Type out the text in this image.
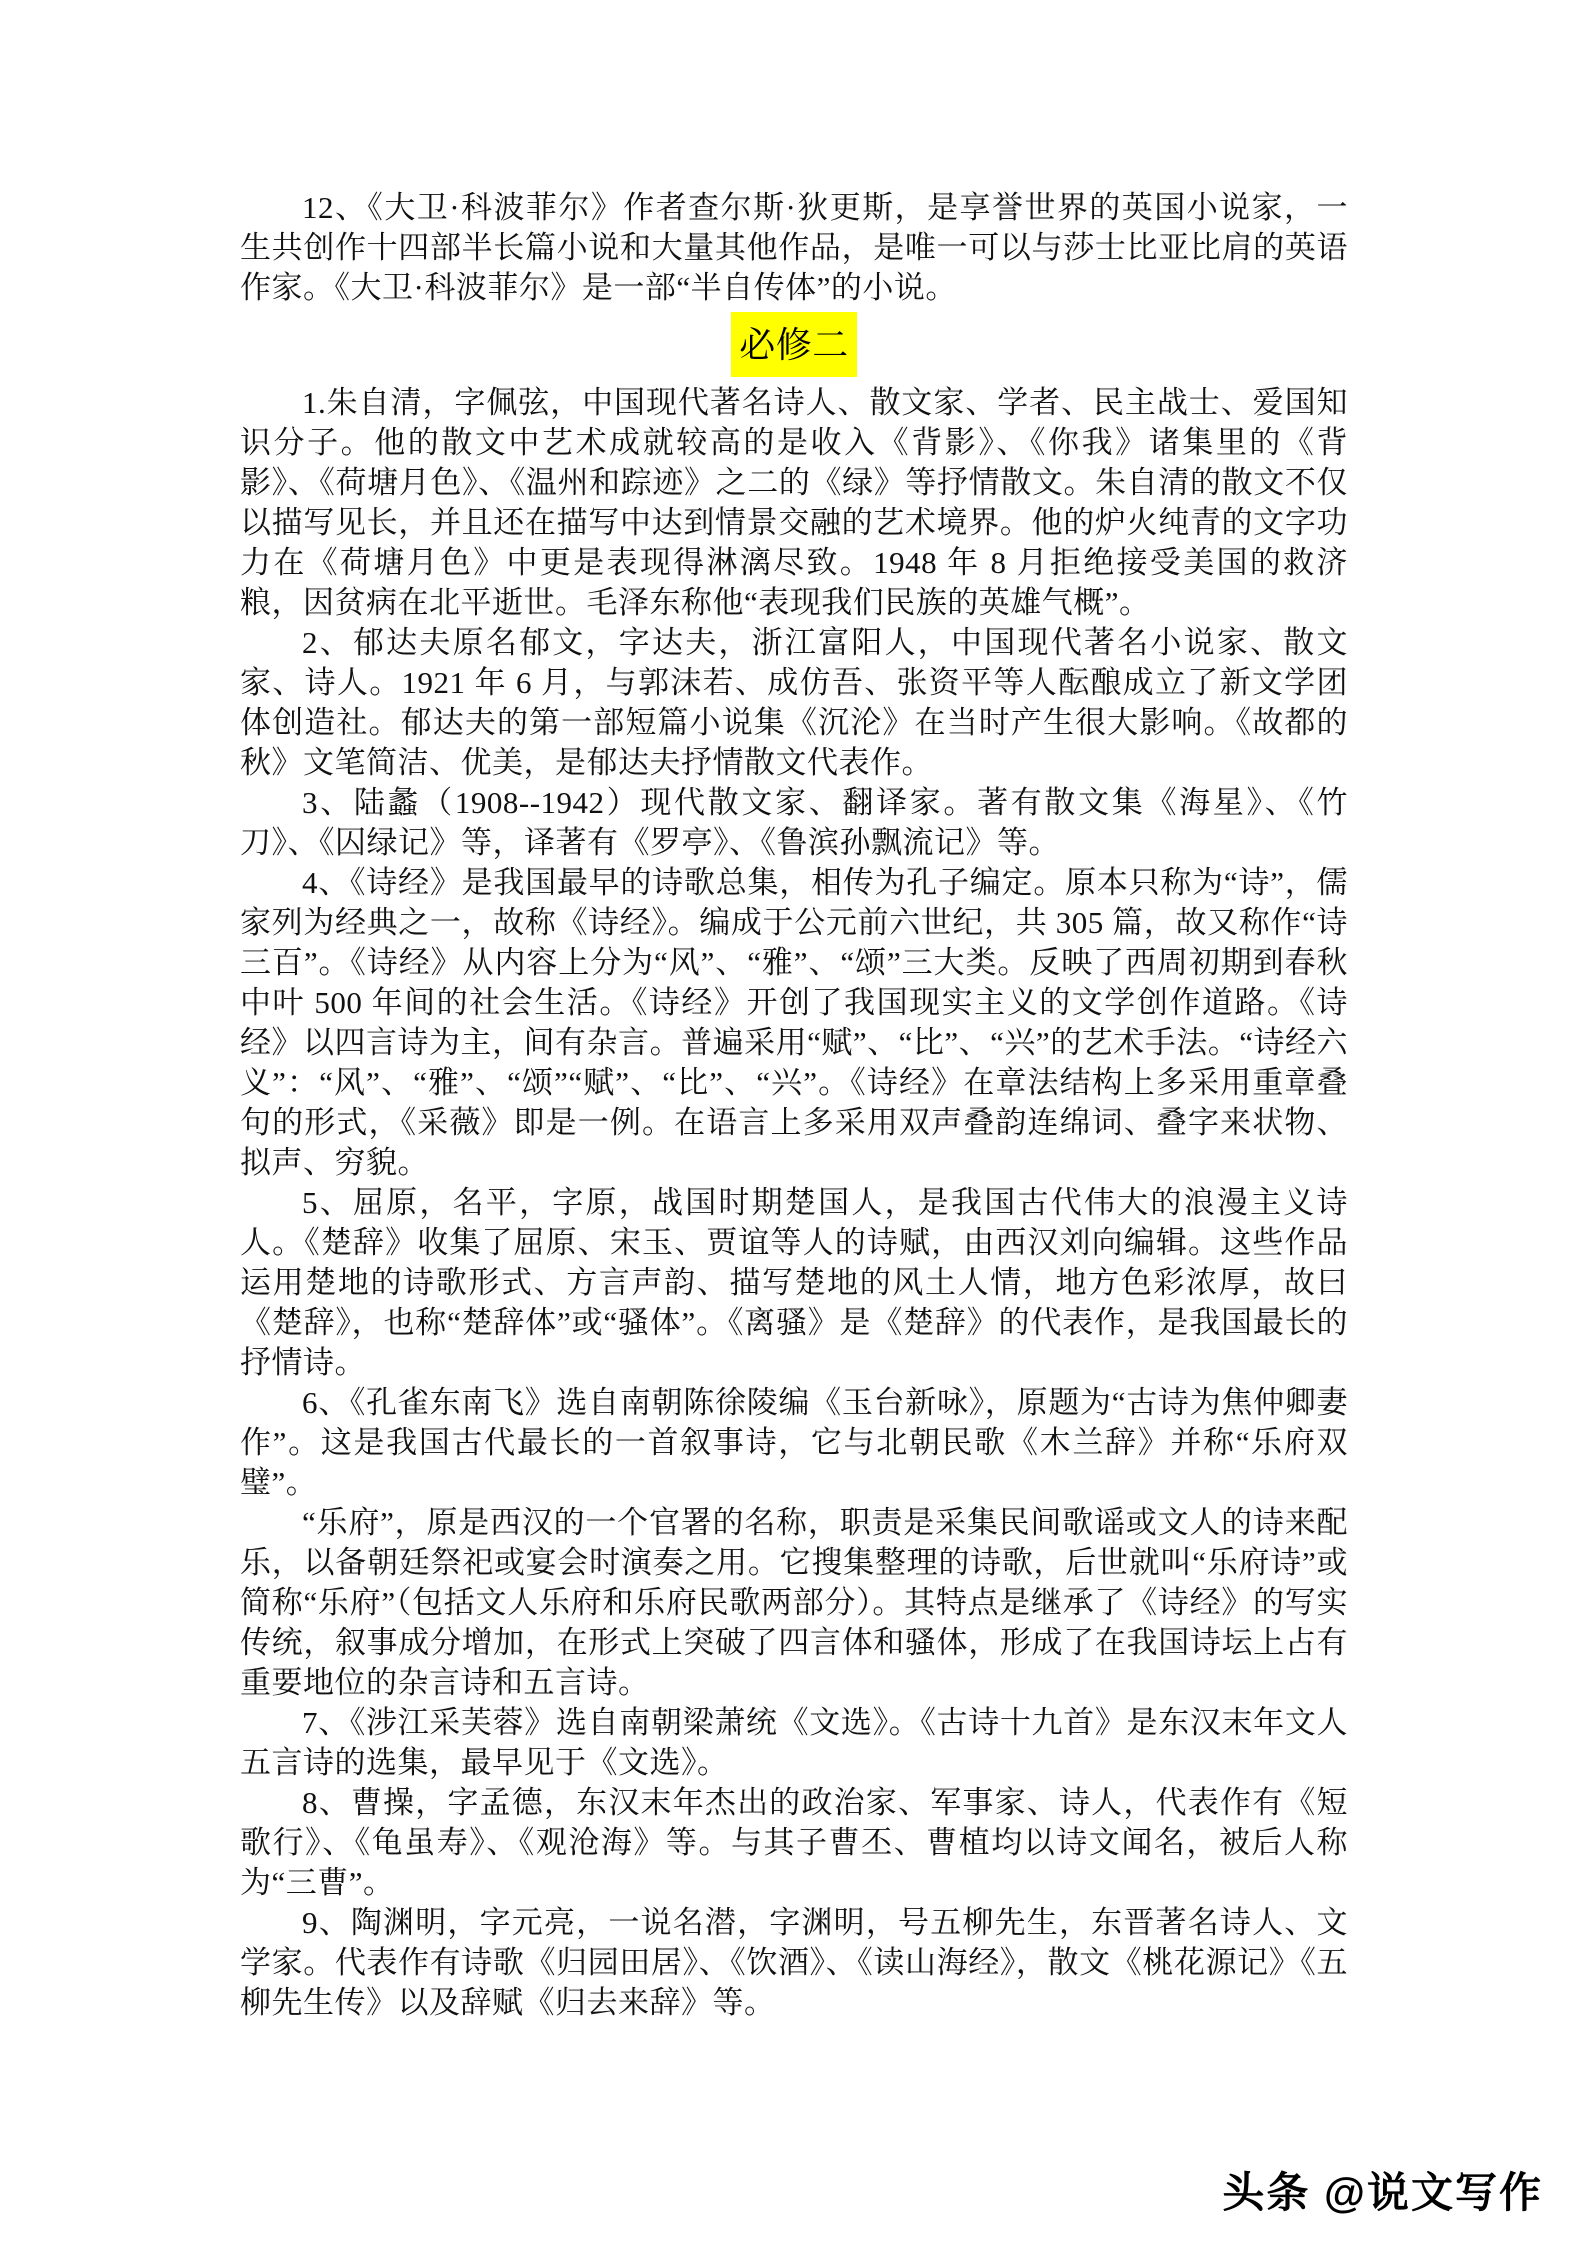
12、《大卫·科波菲尔》作者查尔斯·狄更斯，是享誉世界的英国小说家，一生共创作十四部半长篇小说和大量其他作品，是唯一可以与莎士比亚比肩的英语作家。《大卫·科波菲尔》是一部“半自传体”的小说。

必修二

1.朱自清，字佩弦，中国现代著名诗人、散文家、学者、民主战士、爱国知识分子。他的散文中艺术成就较高的是收入《背影》、《你我》诸集里的《背影》、《荷塘月色》、《温州和踪迹》之二的《绿》等抒情散文。朱自清的散文不仅以描写见长，并且还在描写中达到情景交融的艺术境界。他的炉火纯青的文字功力在《荷塘月色》中更是表现得淋漓尽致。1948 年 8 月拒绝接受美国的救济粮，因贫病在北平逝世。毛泽东称他“表现我们民族的英雄气概”。

2、郁达夫原名郁文，字达夫，浙江富阳人，中国现代著名小说家、散文家、诗人。1921 年 6 月，与郭沫若、成仿吾、张资平等人酝酿成立了新文学团体创造社。郁达夫的第一部短篇小说集《沉沦》在当时产生很大影响。《故都的秋》文笔简洁、优美，是郁达夫抒情散文代表作。

3、陆蠡（1908--1942）现代散文家、翻译家。著有散文集《海星》、《竹刀》、《囚绿记》等，译著有《罗亭》、《鲁滨孙飘流记》等。

4、《诗经》是我国最早的诗歌总集，相传为孔子编定。原本只称为“诗”，儒家列为经典之一，故称《诗经》。编成于公元前六世纪，共 305 篇，故又称作“诗三百”。《诗经》从内容上分为“风”、“雅”、“颂”三大类。反映了西周初期到春秋中叶 500 年间的社会生活。《诗经》开创了我国现实主义的文学创作道路。《诗经》以四言诗为主，间有杂言。普遍采用“赋”、“比”、“兴”的艺术手法。“诗经六义”：“风”、“雅”、“颂”“赋”、“比”、“兴”。《诗经》在章法结构上多采用重章叠句的形式，《采薇》即是一例。在语言上多采用双声叠韵连绵词、叠字来状物、拟声、穷貌。

5、屈原，名平，字原，战国时期楚国人，是我国古代伟大的浪漫主义诗人。《楚辞》收集了屈原、宋玉、贾谊等人的诗赋，由西汉刘向编辑。这些作品运用楚地的诗歌形式、方言声韵、描写楚地的风土人情，地方色彩浓厚，故曰《楚辞》，也称“楚辞体”或“骚体”。《离骚》是《楚辞》的代表作，是我国最长的抒情诗。

6、《孔雀东南飞》选自南朝陈徐陵编《玉台新咏》，原题为“古诗为焦仲卿妻作”。这是我国古代最长的一首叙事诗，它与北朝民歌《木兰辞》并称“乐府双璧”。

“乐府”，原是西汉的一个官署的名称，职责是采集民间歌谣或文人的诗来配乐，以备朝廷祭祀或宴会时演奏之用。它搜集整理的诗歌，后世就叫“乐府诗”或简称“乐府”（包括文人乐府和乐府民歌两部分）。其特点是继承了《诗经》的写实传统，叙事成分增加，在形式上突破了四言体和骚体，形成了在我国诗坛上占有重要地位的杂言诗和五言诗。

7、《涉江采芙蓉》选自南朝梁萧统《文选》。《古诗十九首》是东汉末年文人五言诗的选集，最早见于《文选》。

8、曹操，字孟德，东汉末年杰出的政治家、军事家、诗人，代表作有《短歌行》、《龟虽寿》、《观沧海》等。与其子曹丕、曹植均以诗文闻名，被后人称为“三曹”。

9、陶渊明，字元亮，一说名潜，字渊明，号五柳先生，东晋著名诗人、文学家。代表作有诗歌《归园田居》、《饮酒》、《读山海经》，散文《桃花源记》《五柳先生传》以及辞赋《归去来辞》等。

头条 @说文写作
